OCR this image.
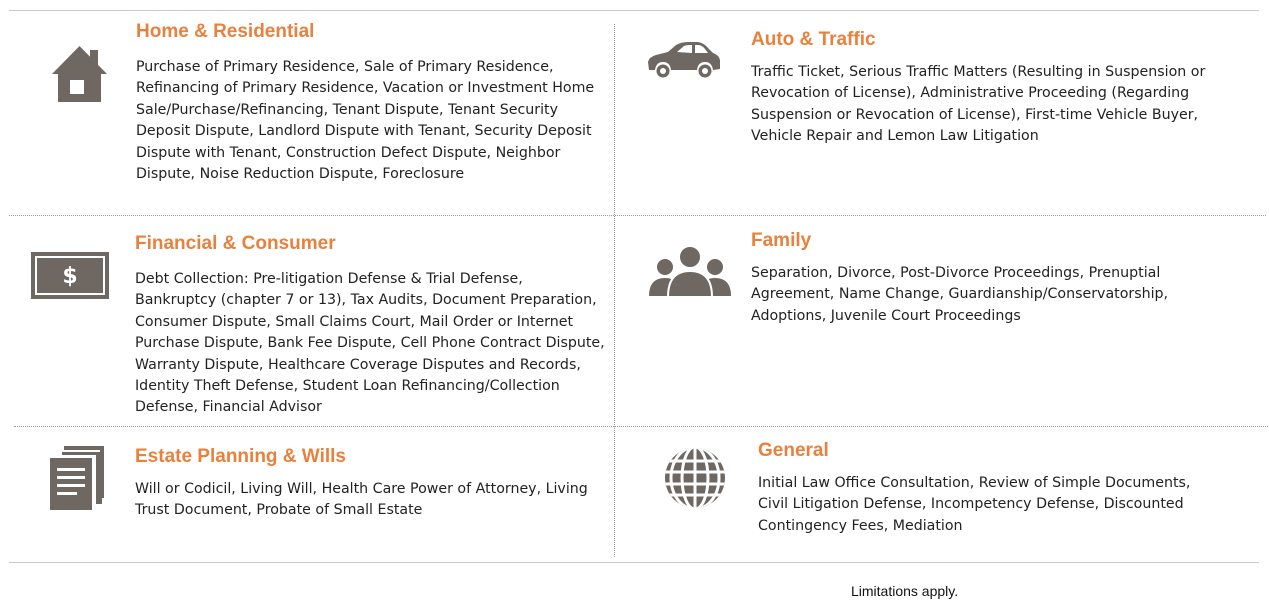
Home & Residential

Purchase of Primary Residence, Sale of Primary Residence, Refinancing of Primary Residence, Vacation or Investment Home Sale/Purchase/Refinancing, Tenant Dispute, Tenant Security Deposit Dispute, Landlord Dispute with Tenant, Security Deposit Dispute with Tenant, Construction Defect Dispute, Neighbor Dispute, Noise Reduction Dispute, Foreclosure

Auto & Traffic

Traffic Ticket, Serious Traffic Matters (Resulting in Suspension or Revocation of License), Administrative Proceeding (Regarding Suspension or Revocation of License), First-time Vehicle Buyer, Vehicle Repair and Lemon Law Litigation

$
Financial & Consumer

Debt Collection: Pre-litigation Defense & Trial Defense, Bankruptcy (chapter 7 or 13), Tax Audits, Document Preparation, Consumer Dispute, Small Claims Court, Mail Order or Internet Purchase Dispute, Bank Fee Dispute, Cell Phone Contract Dispute, Warranty Dispute, Healthcare Coverage Disputes and Records, Identity Theft Defense, Student Loan Refinancing/Collection Defense, Financial Advisor

Family

Separation, Divorce, Post-Divorce Proceedings, Prenuptial Agreement, Name Change, Guardianship/Conservatorship, Adoptions, Juvenile Court Proceedings

Estate Planning & Wills

Will or Codicil, Living Will, Health Care Power of Attorney, Living Trust Document, Probate of Small Estate

General

Initial Law Office Consultation, Review of Simple Documents, Civil Litigation Defense, Incompetency Defense, Discounted Contingency Fees, Mediation

Limitations apply.
